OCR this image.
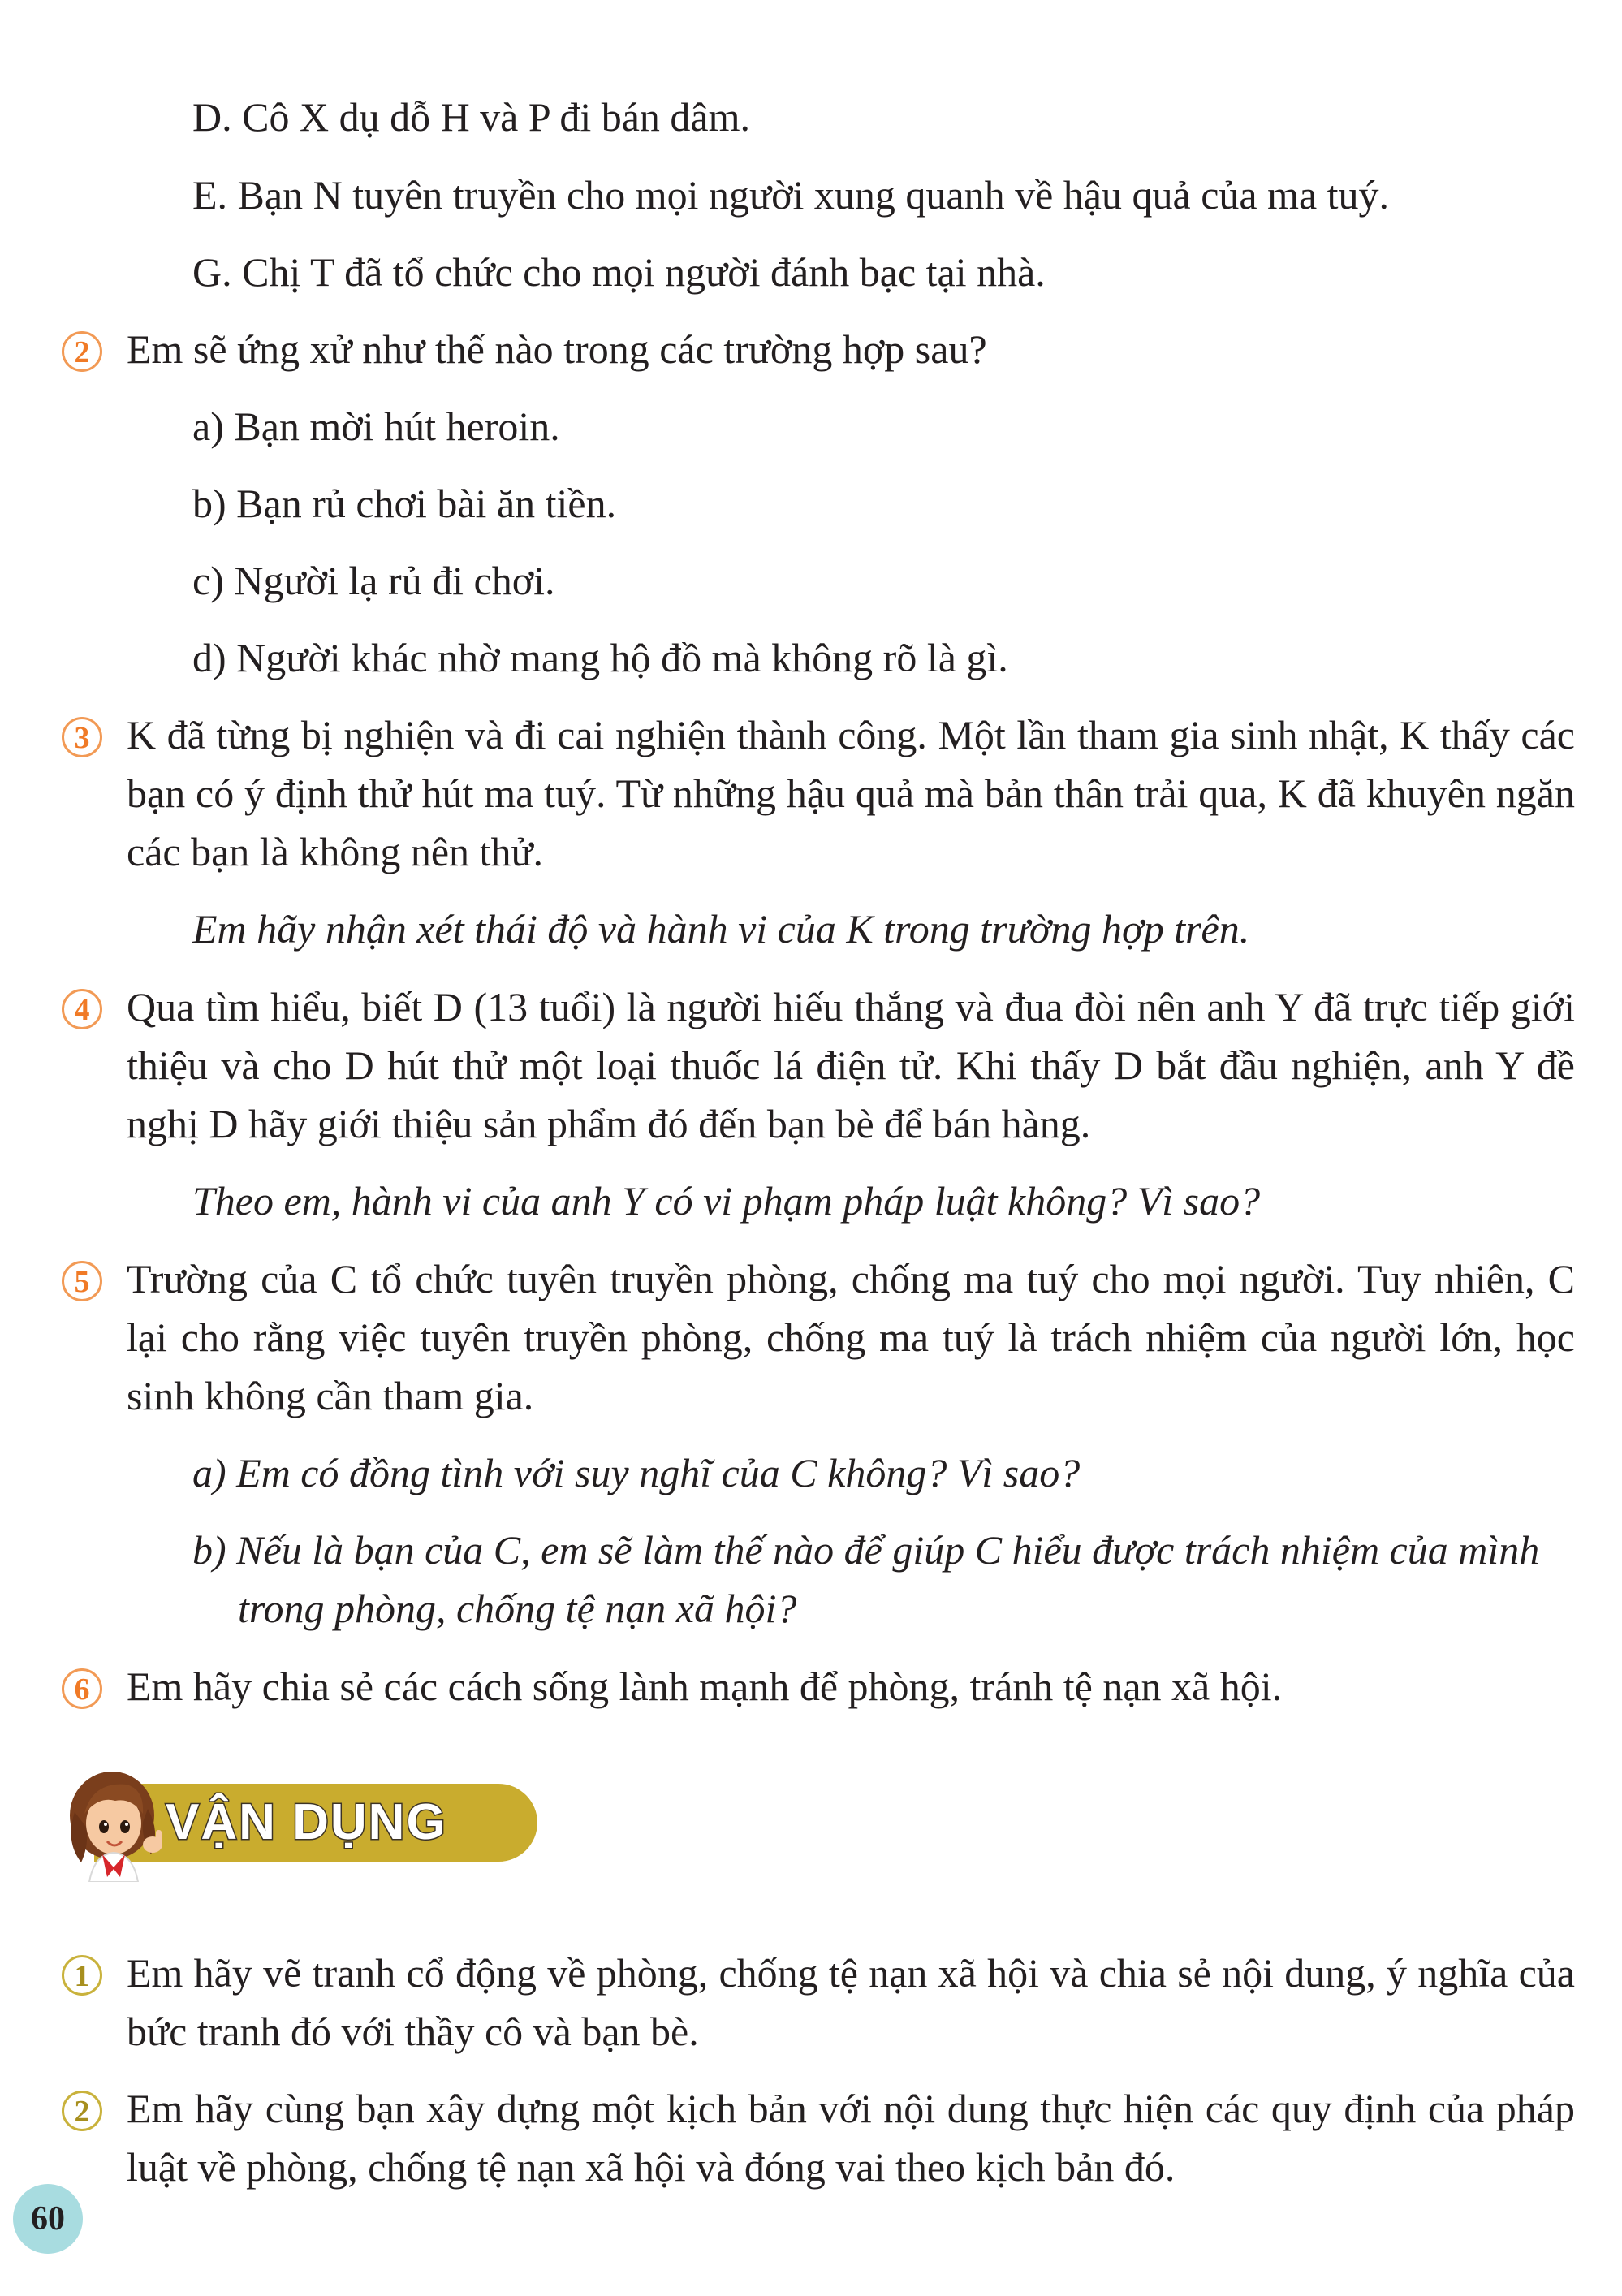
D. Cô X dụ dỗ H và P đi bán dâm.
E. Bạn N tuyên truyền cho mọi người xung quanh về hậu quả của ma tuý.
G. Chị T đã tổ chức cho mọi người đánh bạc tại nhà.
2 Em sẽ ứng xử như thế nào trong các trường hợp sau?
a) Bạn mời hút heroin.
b) Bạn rủ chơi bài ăn tiền.
c) Người lạ rủ đi chơi.
d) Người khác nhờ mang hộ đồ mà không rõ là gì.
3 K đã từng bị nghiện và đi cai nghiện thành công. Một lần tham gia sinh nhật, K thấy các bạn có ý định thử hút ma tuý. Từ những hậu quả mà bản thân trải qua, K đã khuyên ngăn các bạn là không nên thử.
Em hãy nhận xét thái độ và hành vi của K trong trường hợp trên.
4 Qua tìm hiểu, biết D (13 tuổi) là người hiếu thắng và đua đòi nên anh Y đã trực tiếp giới thiệu và cho D hút thử một loại thuốc lá điện tử. Khi thấy D bắt đầu nghiện, anh Y đề nghị D hãy giới thiệu sản phẩm đó đến bạn bè để bán hàng.
Theo em, hành vi của anh Y có vi phạm pháp luật không? Vì sao?
5 Trường của C tổ chức tuyên truyền phòng, chống ma tuý cho mọi người. Tuy nhiên, C lại cho rằng việc tuyên truyền phòng, chống ma tuý là trách nhiệm của người lớn, học sinh không cần tham gia.
a) Em có đồng tình với suy nghĩ của C không? Vì sao?
b) Nếu là bạn của C, em sẽ làm thế nào để giúp C hiểu được trách nhiệm của mình
trong phòng, chống tệ nạn xã hội?
6 Em hãy chia sẻ các cách sống lành mạnh để phòng, tránh tệ nạn xã hội.
VẬN DỤNG
1 Em hãy vẽ tranh cổ động về phòng, chống tệ nạn xã hội và chia sẻ nội dung, ý nghĩa của bức tranh đó với thầy cô và bạn bè.
2 Em hãy cùng bạn xây dựng một kịch bản với nội dung thực hiện các quy định của pháp luật về phòng, chống tệ nạn xã hội và đóng vai theo kịch bản đó.
60
